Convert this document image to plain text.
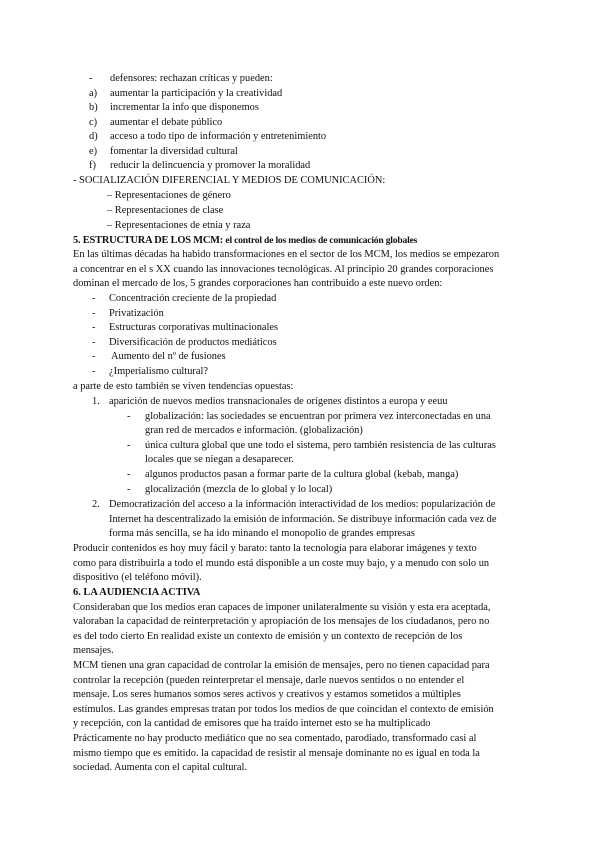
- defensores: rechazan críticas y pueden:
a) aumentar la participación y la creatividad
b) incrementar la info que disponemos
c) aumentar el debate público
d) acceso a todo tipo de información y entretenimiento
e) fomentar la diversidad cultural
f) reducir la delincuencia y promover la moralidad
- SOCIALIZACIÓN DIFERENCIAL Y MEDIOS DE COMUNICACIÓN:
– Representaciones de género
– Representaciones de clase
– Representaciones de etnia y raza
5. ESTRUCTURA DE LOS MCM: el control de los medios de comunicación globales
En las últimas décadas ha habido transformaciones en el sector de los MCM, los medios se empezaron
a concentrar en el s XX cuando las innovaciones tecnológicas. Al principio 20 grandes corporaciones
dominan el mercado de los, 5 grandes corporaciones han contribuido a este nuevo orden:
- Concentración creciente de la propiedad
- Privatización
- Estructuras corporativas multinacionales
- Diversificación de productos mediáticos
- Aumento del nº de fusiones
- ¿Imperialismo cultural?
a parte de esto también se viven tendencias opuestas:
1. aparición de nuevos medios transnacionales de orígenes distintos a europa y eeuu
- globalización: las sociedades se encuentran por primera vez interconectadas en una
gran red de mercados e información. (globalización)
- única cultura global que une todo el sistema, pero también resistencia de las culturas
locales que se niegan a desaparecer.
- algunos productos pasan a formar parte de la cultura global (kebab, manga)
- glocalización (mezcla de lo global y lo local)
2. Democratización del acceso a la información interactividad de los medios: popularización de
Internet ha descentralizado la emisión de información. Se distribuye información cada vez de
forma más sencilla, se ha ido minando el monopolio de grandes empresas
Producir contenidos es hoy muy fácil y barato: tanto la tecnología para elaborar imágenes y texto
como para distribuirla a todo el mundo está disponible a un coste muy bajo, y a menudo con solo un
dispositivo (el teléfono móvil).
6. LA AUDIENCIA ACTIVA
Consideraban que los medios eran capaces de imponer unilateralmente su visión y esta era aceptada,
valoraban la capacidad de reinterpretación y apropiación de los mensajes de los ciudadanos, pero no
es del todo cierto En realidad existe un contexto de emisión y un contexto de recepción de los
mensajes.
MCM tienen una gran capacidad de controlar la emisión de mensajes, pero no tienen capacidad para
controlar la recepción (pueden reinterpretar el mensaje, darle nuevos sentidos o no entender el
mensaje. Los seres humanos somos seres activos y creativos y estamos sometidos a múltiples
estímulos. Las grandes empresas tratan por todos los medios de que coincidan el contexto de emisión
y recepción, con la cantidad de emisores que ha traído internet esto se ha multiplicado
Prácticamente no hay producto mediático que no sea comentado, parodiado, transformado casi al
mismo tiempo que es emitido. la capacidad de resistir al mensaje dominante no es igual en toda la
sociedad. Aumenta con el capital cultural.
